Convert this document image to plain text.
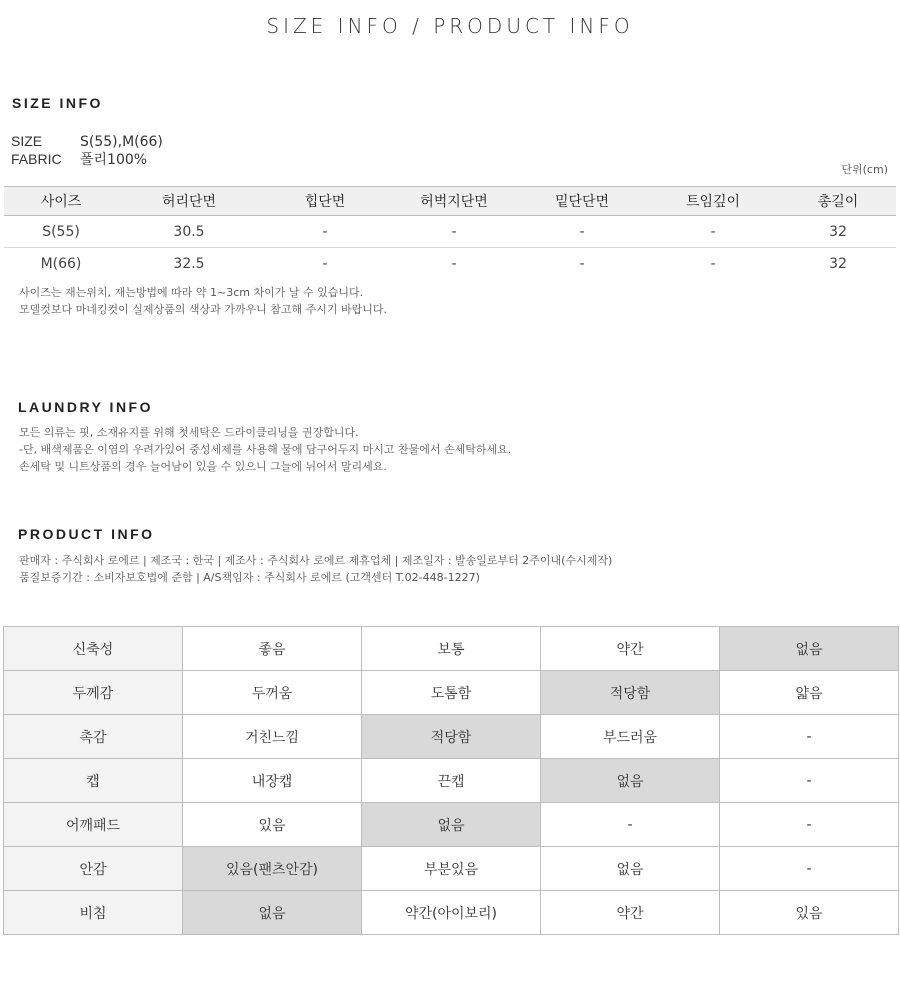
SIZE INFO / PRODUCT INFO
SIZE INFO
SIZE	S(55),M(66)
FABRIC 폴리100%
단위(cm)
사이즈	허리단면	힙단면	허벅지단면	밑단단면	트임깊이	총길이
S(55)	30.5	-	-	-	-	32
M(66)	32.5	-	-	-	-	32
사이즈는 재는위치, 재는방법에 따라 약 1~3cm 차이가 날 수 있습니다.
모델컷보다 마네킹컷이 실제상품의 색상과 가까우니 참고해 주시기 바랍니다.
LAUNDRY INFO
모든 의류는 핏, 소재유지를 위해 첫세탁은 드라이클리닝을 권장합니다.
-단, 배색제품은 이염의 우려가있어 중성세제를 사용해 물에 담구어두지 마시고 찬물에서 손세탁하세요.
손세탁 및 니트상품의 경우 늘어남이 있을 수 있으니 그늘에 뉘어서 말리세요.
PRODUCT INFO
판매자 : 주식회사 로에르 | 제조국 : 한국 | 제조사 : 주식회사 로에르 제휴업체 | 제조일자 : 발송일로부터 2주이내(수시제작)
품질보증기간 : 소비자보호법에 준함 | A/S책임자 : 주식회사 로에르 (고객센터 T.02-448-1227)
신축성	좋음	보통	약간	없음
두께감	두꺼움	도톰함	적당함	얇음
촉감	거친느낌	적당함	부드러움	-
캡	내장캡	끈캡	없음	-
어깨패드	있음	없음	-	-
안감	있음(팬츠안감)	부분있음	없음	-
비침	없음	약간(아이보리)	약간	있음
